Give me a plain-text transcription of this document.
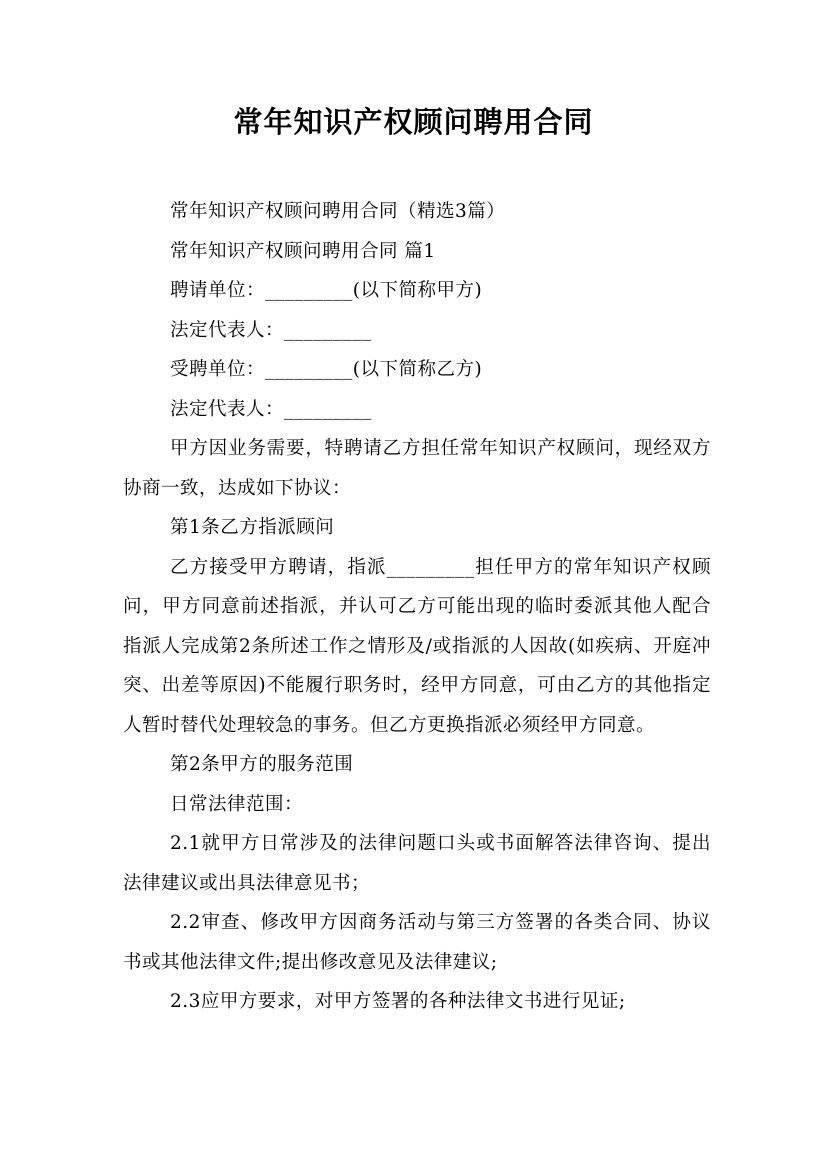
常年知识产权顾问聘用合同

常年知识产权顾问聘用合同（精选3篇）

常年知识产权顾问聘用合同 篇1

聘请单位：_________(以下简称甲方)

法定代表人：_________

受聘单位：_________(以下简称乙方)

法定代表人：_________

甲方因业务需要，特聘请乙方担任常年知识产权顾问，现经双方协商一致，达成如下协议：

第1条乙方指派顾问

乙方接受甲方聘请，指派_________担任甲方的常年知识产权顾问，甲方同意前述指派，并认可乙方可能出现的临时委派其他人配合指派人完成第2条所述工作之情形及/或指派的人因故(如疾病、开庭冲突、出差等原因)不能履行职务时，经甲方同意，可由乙方的其他指定人暂时替代处理较急的事务。但乙方更换指派必须经甲方同意。

第2条甲方的服务范围

日常法律范围：

2.1就甲方日常涉及的法律问题口头或书面解答法律咨询、提出法律建议或出具法律意见书；

2.2审查、修改甲方因商务活动与第三方签署的各类合同、协议书或其他法律文件;提出修改意见及法律建议;

2.3应甲方要求，对甲方签署的各种法律文书进行见证;
